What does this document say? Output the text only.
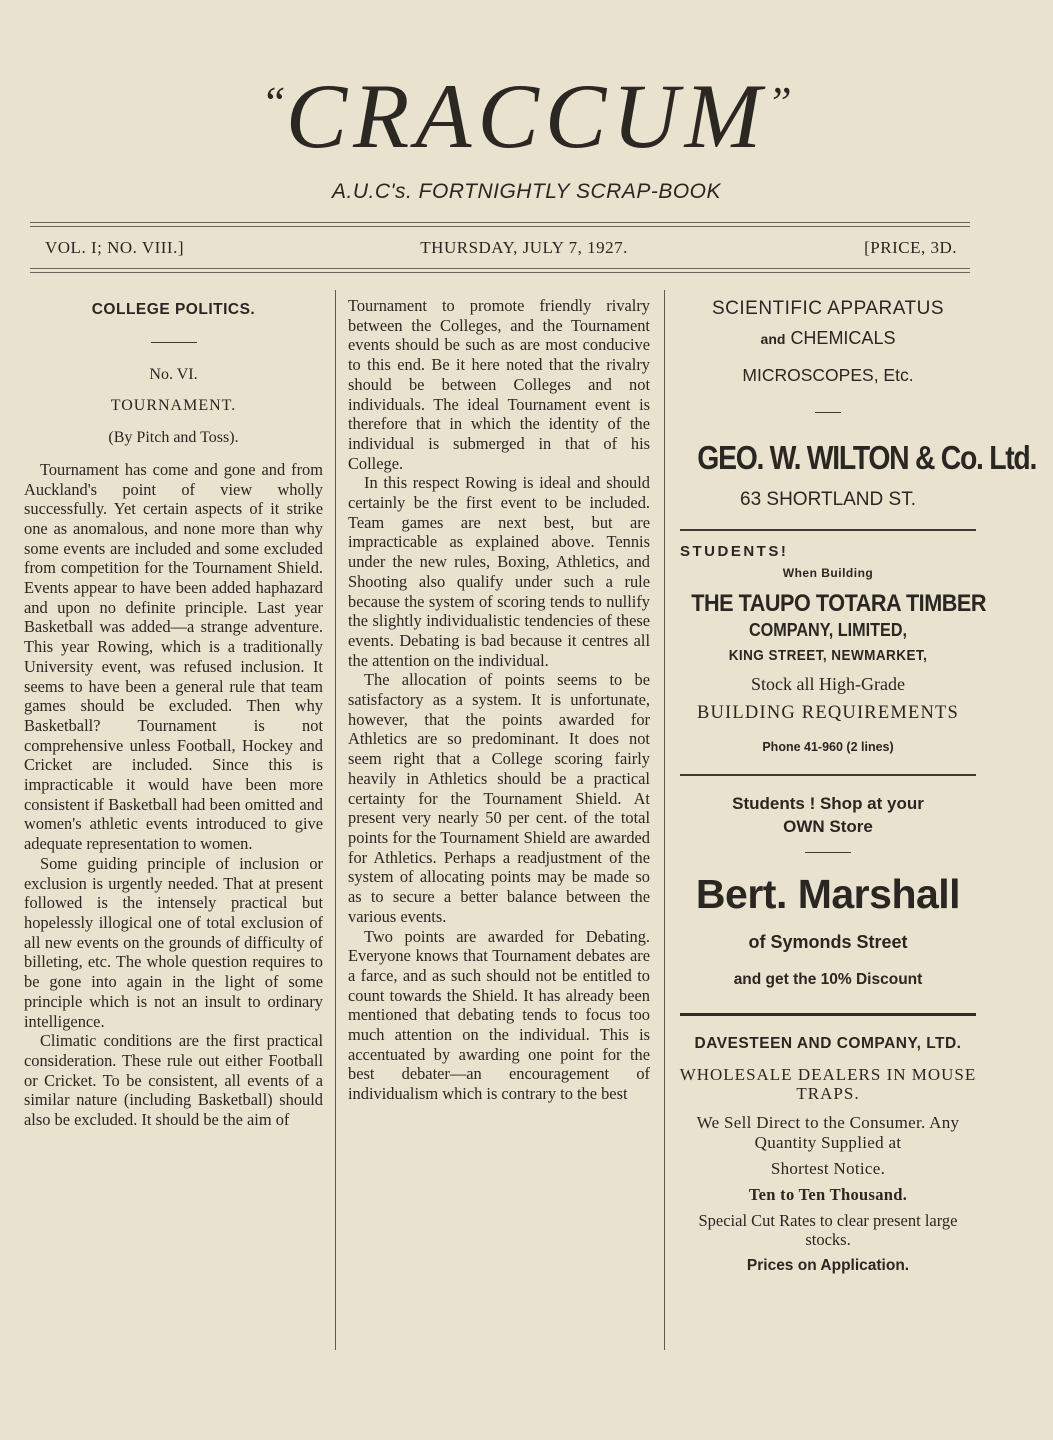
“CRACCUM”
A.U.C's. FORTNIGHTLY SCRAP-BOOK
VOL. I; NO. VIII.]	THURSDAY, JULY 7, 1927.	[PRICE, 3D.
COLLEGE POLITICS.

No. VI.

TOURNAMENT.

(By Pitch and Toss).

Tournament has come and gone and from Auckland's point of view wholly successfully. Yet certain aspects of it strike one as anomalous, and none more than why some events are included and some excluded from competition for the Tournament Shield. Events appear to have been added haphazard and upon no definite principle. Last year Basketball was added—a strange adventure. This year Rowing, which is a traditionally University event, was refused inclusion. It seems to have been a general rule that team games should be excluded. Then why Basketball? Tournament is not comprehensive unless Football, Hockey and Cricket are included. Since this is impracticable it would have been more consistent if Basketball had been omitted and women's athletic events introduced to give adequate representation to women.

Some guiding principle of inclusion or exclusion is urgently needed. That at present followed is the intensely practical but hopelessly illogical one of total exclusion of all new events on the grounds of difficulty of billeting, etc. The whole question requires to be gone into again in the light of some principle which is not an insult to ordinary intelligence.

Climatic conditions are the first practical consideration. These rule out either Football or Cricket. To be consistent, all events of a similar nature (including Basketball) should also be excluded. It should be the aim of

Tournament to promote friendly rivalry between the Colleges, and the Tournament events should be such as are most conducive to this end. Be it here noted that the rivalry should be between Colleges and not individuals. The ideal Tournament event is therefore that in which the identity of the individual is submerged in that of his College.

In this respect Rowing is ideal and should certainly be the first event to be included. Team games are next best, but are impracticable as explained above. Tennis under the new rules, Boxing, Athletics, and Shooting also qualify under such a rule because the system of scoring tends to nullify the slightly individualistic tendencies of these events. Debating is bad because it centres all the attention on the individual.

The allocation of points seems to be satisfactory as a system. It is unfortunate, however, that the points awarded for Athletics are so predominant. It does not seem right that a College scoring fairly heavily in Athletics should be a practical certainty for the Tournament Shield. At present very nearly 50 per cent. of the total points for the Tournament Shield are awarded for Athletics. Perhaps a readjustment of the system of allocating points may be made so as to secure a better balance between the various events.

Two points are awarded for Debating. Everyone knows that Tournament debates are a farce, and as such should not be entitled to count towards the Shield. It has already been mentioned that debating tends to focus too much attention on the individual. This is accentuated by awarding one point for the best debater—an encouragement of individualism which is contrary to the best

SCIENTIFIC APPARATUS
and CHEMICALS
MICROSCOPES, Etc.
GEO. W. WILTON & Co. Ltd.
63 SHORTLAND ST.
STUDENTS!
When Building
THE TAUPO TOTARA TIMBER
COMPANY, LIMITED,
KING STREET, NEWMARKET,
Stock all High-Grade
BUILDING REQUIREMENTS
Phone 41-960 (2 lines)
Students ! Shop at your
OWN Store
Bert. Marshall
of Symonds Street
and get the 10% Discount
DAVESTEEN AND COMPANY, LTD.
WHOLESALE DEALERS IN MOUSE TRAPS.
We Sell Direct to the Consumer. Any Quantity Supplied at
Shortest Notice.
Ten to Ten Thousand.
Special Cut Rates to clear present large stocks.
Prices on Application.
